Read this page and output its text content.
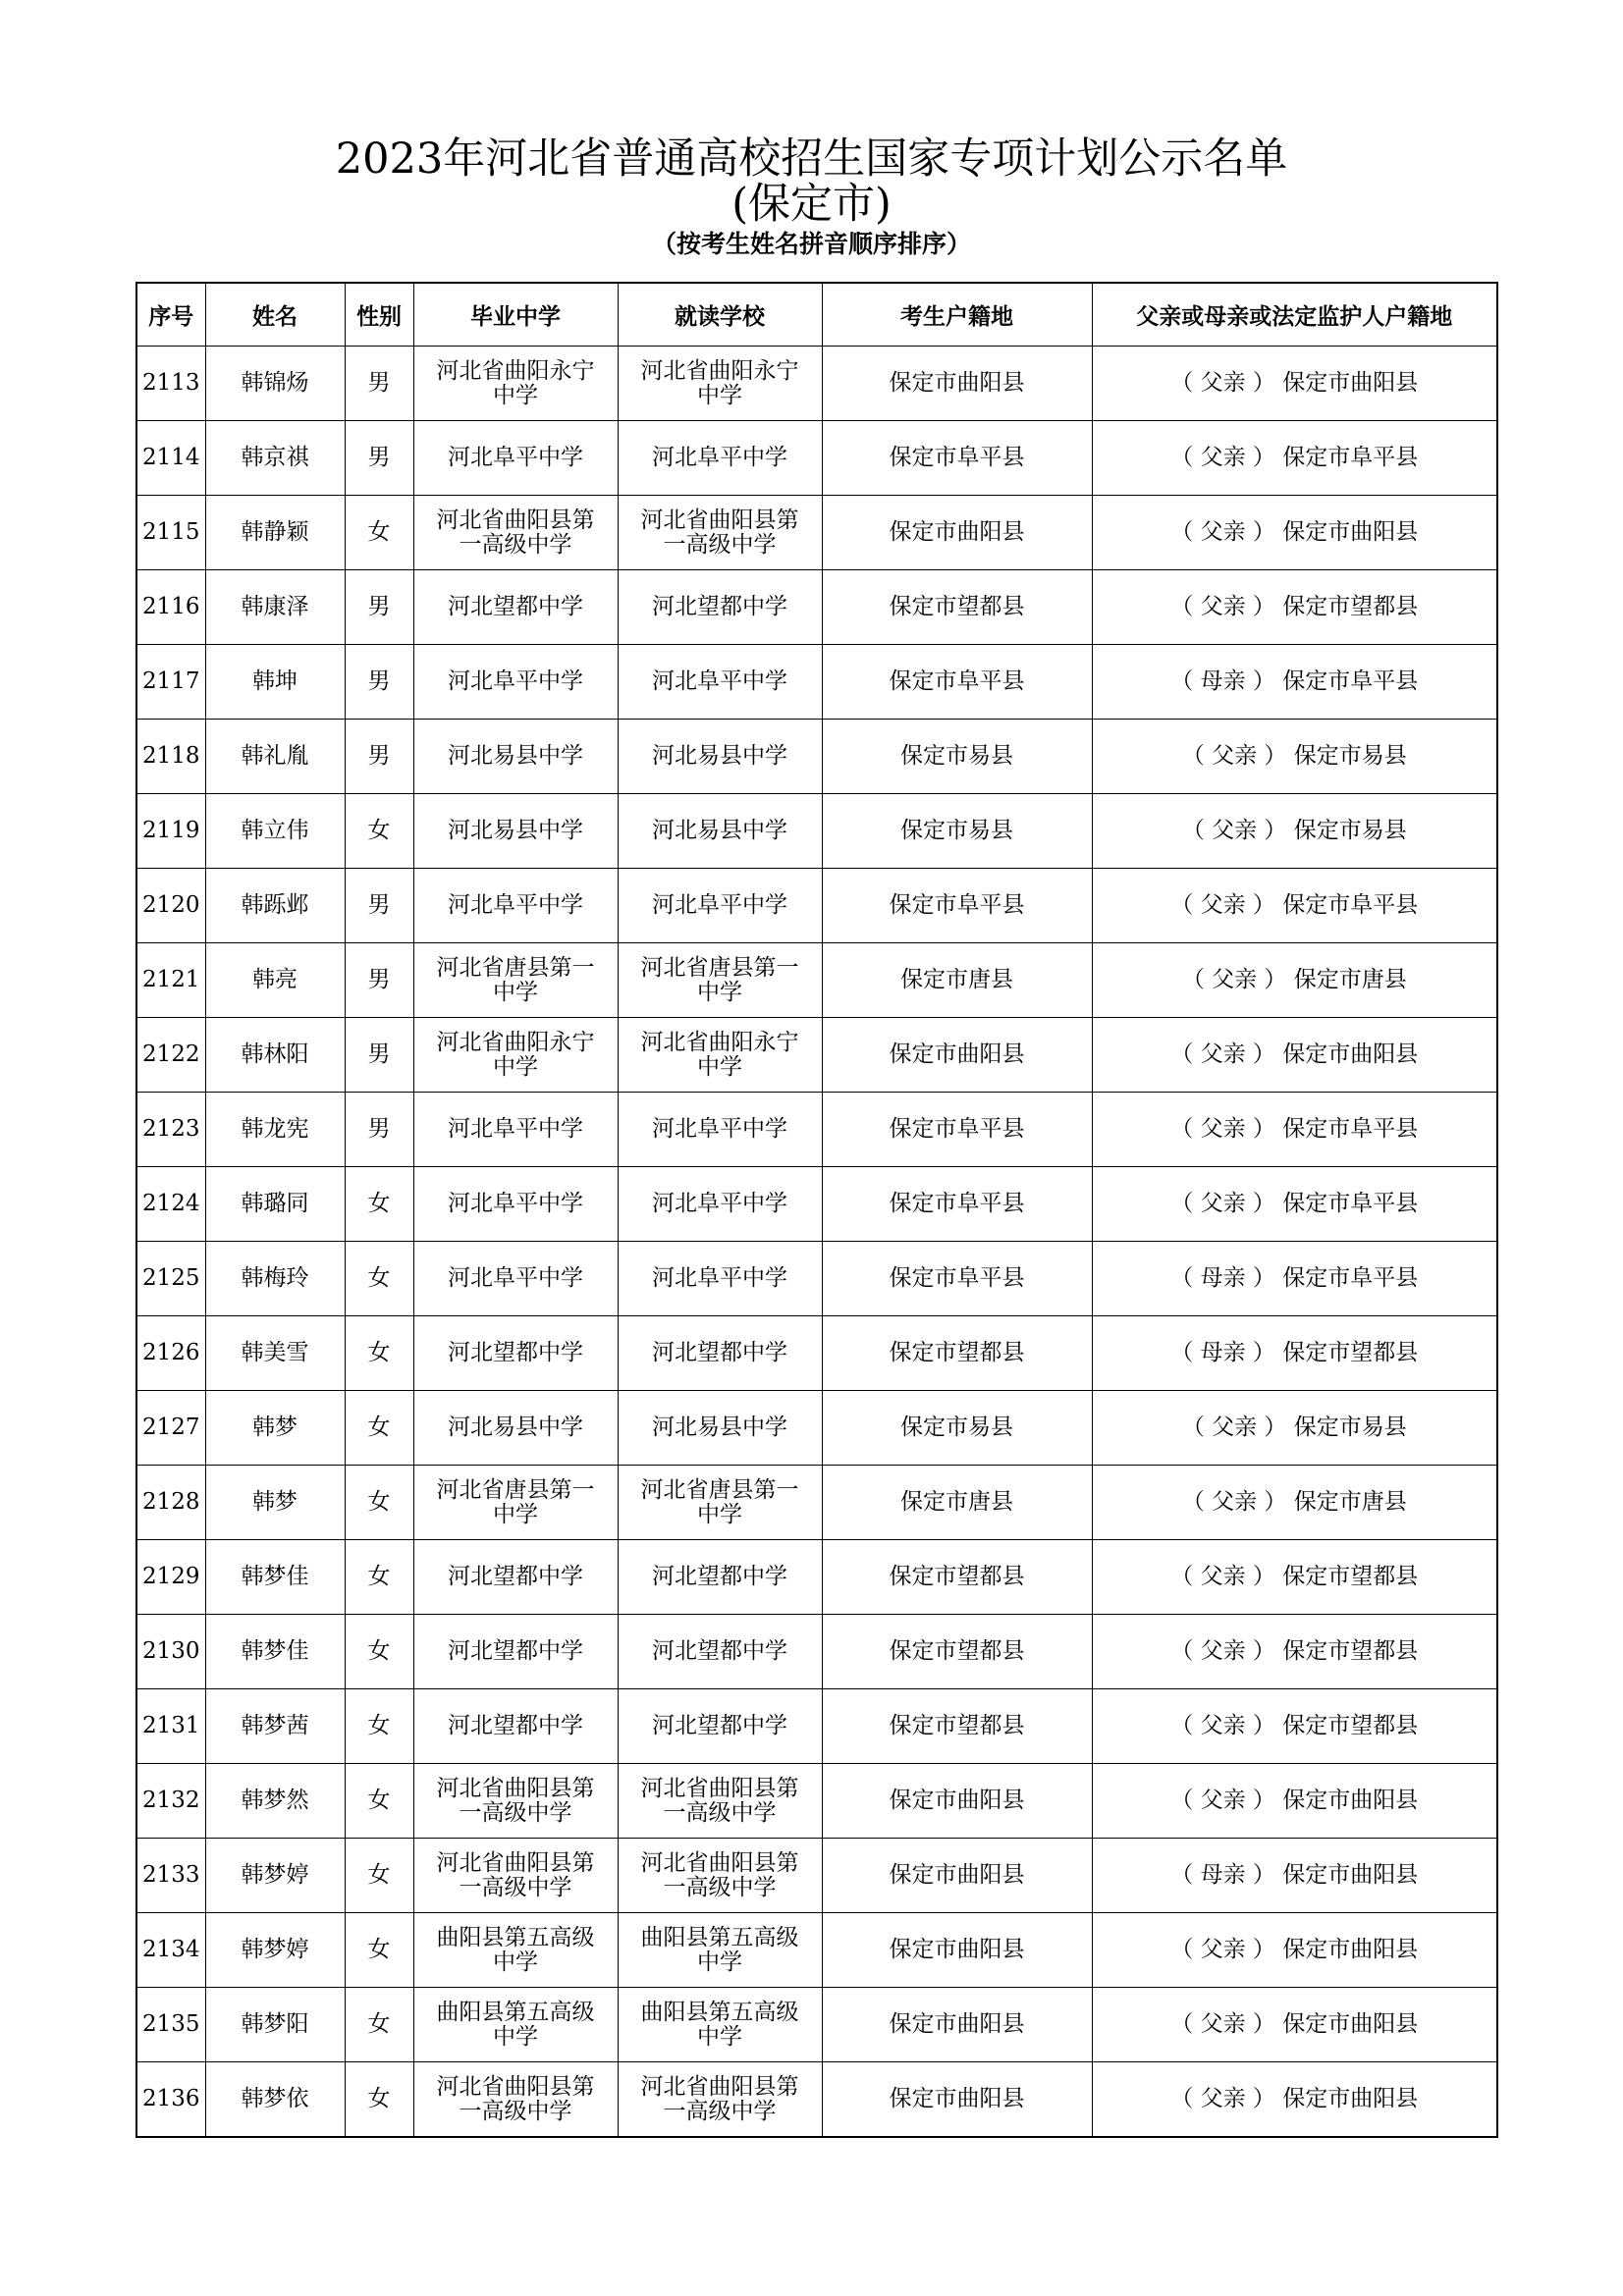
2023年河北省普通高校招生国家专项计划公示名单
(保定市)
（按考生姓名拼音顺序排序）
序号	姓名	性别	毕业中学	就读学校	考生户籍地	父亲或母亲或法定监护人户籍地
2113	韩锦炀	男	河北省曲阳永宁中学	河北省曲阳永宁中学	保定市曲阳县	（ 父亲 ） 保定市曲阳县
2114	韩京祺	男	河北阜平中学	河北阜平中学	保定市阜平县	（ 父亲 ） 保定市阜平县
2115	韩静颖	女	河北省曲阳县第一高级中学	河北省曲阳县第一高级中学	保定市曲阳县	（ 父亲 ） 保定市曲阳县
2116	韩康泽	男	河北望都中学	河北望都中学	保定市望都县	（ 父亲 ） 保定市望都县
2117	韩坤	男	河北阜平中学	河北阜平中学	保定市阜平县	（ 母亲 ） 保定市阜平县
2118	韩礼胤	男	河北易县中学	河北易县中学	保定市易县	（ 父亲 ） 保定市易县
2119	韩立伟	女	河北易县中学	河北易县中学	保定市易县	（ 父亲 ） 保定市易县
2120	韩跞邺	男	河北阜平中学	河北阜平中学	保定市阜平县	（ 父亲 ） 保定市阜平县
2121	韩亮	男	河北省唐县第一中学	河北省唐县第一中学	保定市唐县	（ 父亲 ） 保定市唐县
2122	韩林阳	男	河北省曲阳永宁中学	河北省曲阳永宁中学	保定市曲阳县	（ 父亲 ） 保定市曲阳县
2123	韩龙宪	男	河北阜平中学	河北阜平中学	保定市阜平县	（ 父亲 ） 保定市阜平县
2124	韩璐同	女	河北阜平中学	河北阜平中学	保定市阜平县	（ 父亲 ） 保定市阜平县
2125	韩梅玲	女	河北阜平中学	河北阜平中学	保定市阜平县	（ 母亲 ） 保定市阜平县
2126	韩美雪	女	河北望都中学	河北望都中学	保定市望都县	（ 母亲 ） 保定市望都县
2127	韩梦	女	河北易县中学	河北易县中学	保定市易县	（ 父亲 ） 保定市易县
2128	韩梦	女	河北省唐县第一中学	河北省唐县第一中学	保定市唐县	（ 父亲 ） 保定市唐县
2129	韩梦佳	女	河北望都中学	河北望都中学	保定市望都县	（ 父亲 ） 保定市望都县
2130	韩梦佳	女	河北望都中学	河北望都中学	保定市望都县	（ 父亲 ） 保定市望都县
2131	韩梦茜	女	河北望都中学	河北望都中学	保定市望都县	（ 父亲 ） 保定市望都县
2132	韩梦然	女	河北省曲阳县第一高级中学	河北省曲阳县第一高级中学	保定市曲阳县	（ 父亲 ） 保定市曲阳县
2133	韩梦婷	女	河北省曲阳县第一高级中学	河北省曲阳县第一高级中学	保定市曲阳县	（ 母亲 ） 保定市曲阳县
2134	韩梦婷	女	曲阳县第五高级中学	曲阳县第五高级中学	保定市曲阳县	（ 父亲 ） 保定市曲阳县
2135	韩梦阳	女	曲阳县第五高级中学	曲阳县第五高级中学	保定市曲阳县	（ 父亲 ） 保定市曲阳县
2136	韩梦依	女	河北省曲阳县第一高级中学	河北省曲阳县第一高级中学	保定市曲阳县	（ 父亲 ） 保定市曲阳县
